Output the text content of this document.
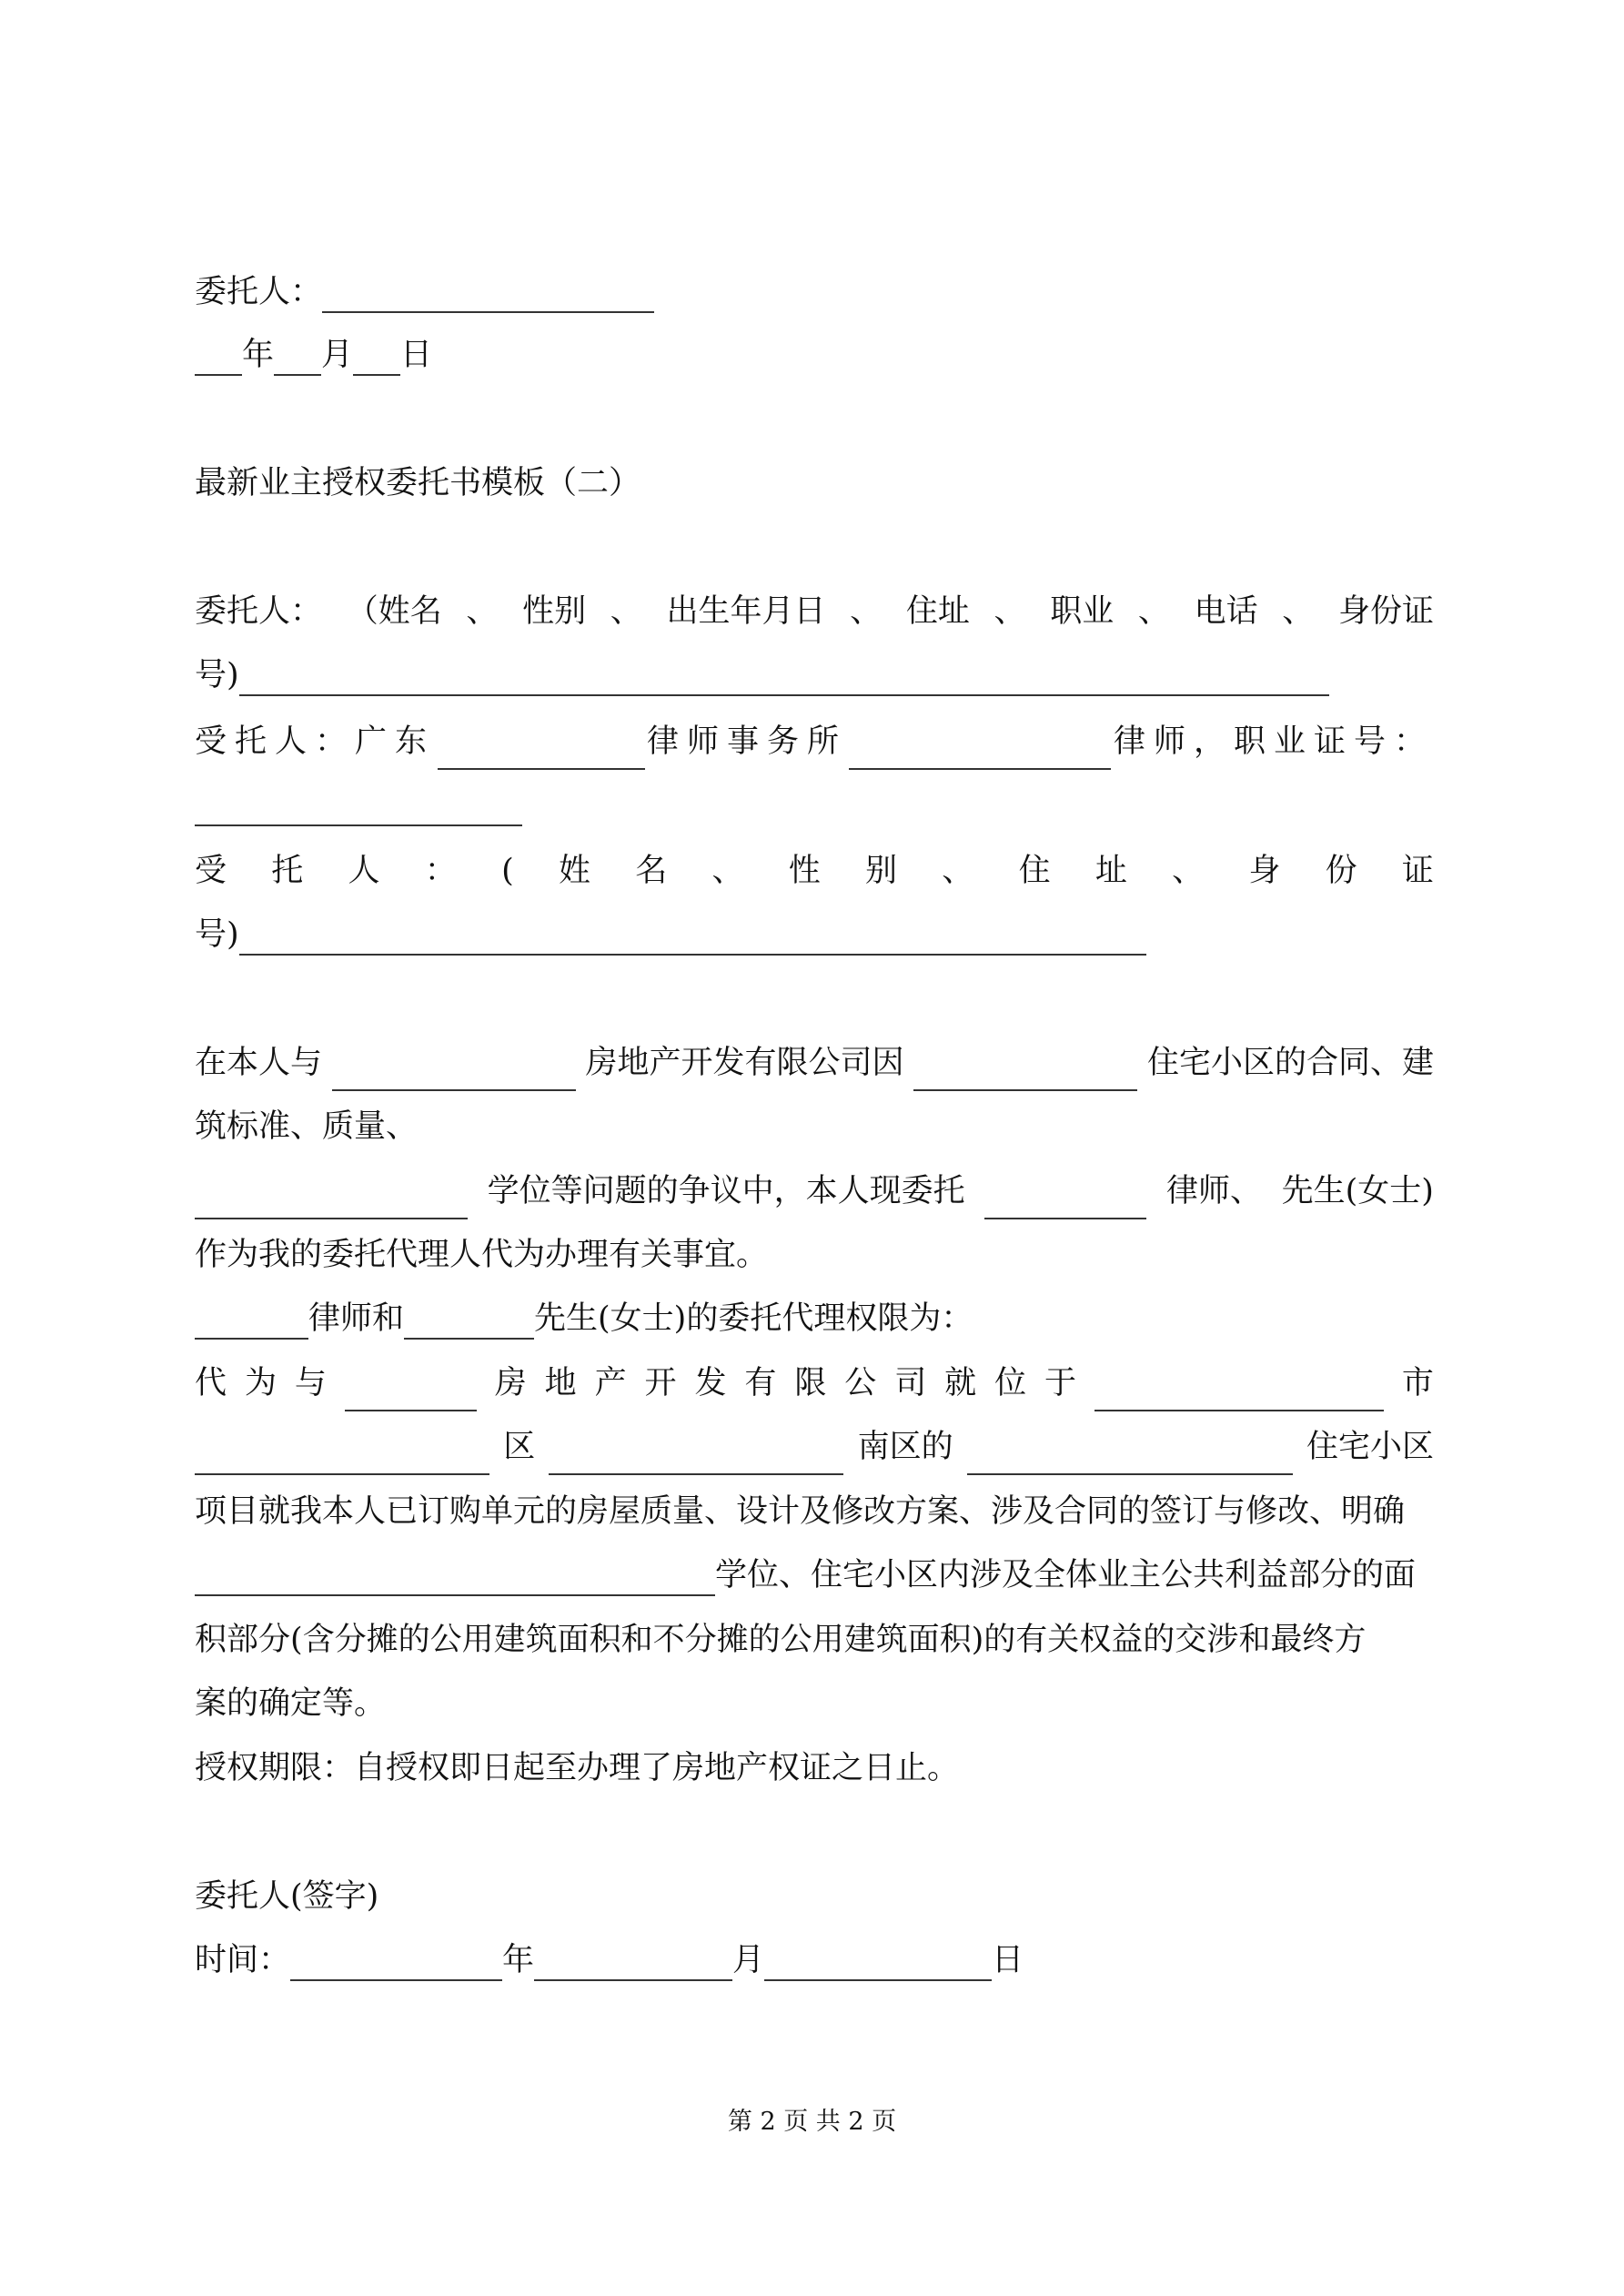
委托人：
年 月 日
最新业主授权委托书模板（二）
委托人： （姓名 、 性别 、 出生年月日 、 住址 、 职业 、 电话 、 身份证
号)
受托人：广东	律师事务所	律师，职业证号：
受 托 人 ： ( 姓 名 、 性 别 、 住 址 、 身 份 证
号)
在本人与	房地产开发有限公司因	住宅小区的合同、建
筑标准、质量、
学位等问题的争议中，本人现委托	律师、 先生(女士)
作为我的委托代理人代为办理有关事宜。
律师和	先生(女士)的委托代理权限为：
代 为 与	房 地 产 开 发 有 限 公 司 就 位 于	市
区	南区的	住宅小区
项目就我本人已订购单元的房屋质量、设计及修改方案、涉及合同的签订与修改、明确
学位、住宅小区内涉及全体业主公共利益部分的面
积部分(含分摊的公用建筑面积和不分摊的公用建筑面积)的有关权益的交涉和最终方
案的确定等。
授权期限：自授权即日起至办理了房地产权证之日止。
委托人(签字)
时间：	年	月	日
第 2 页 共 2 页
